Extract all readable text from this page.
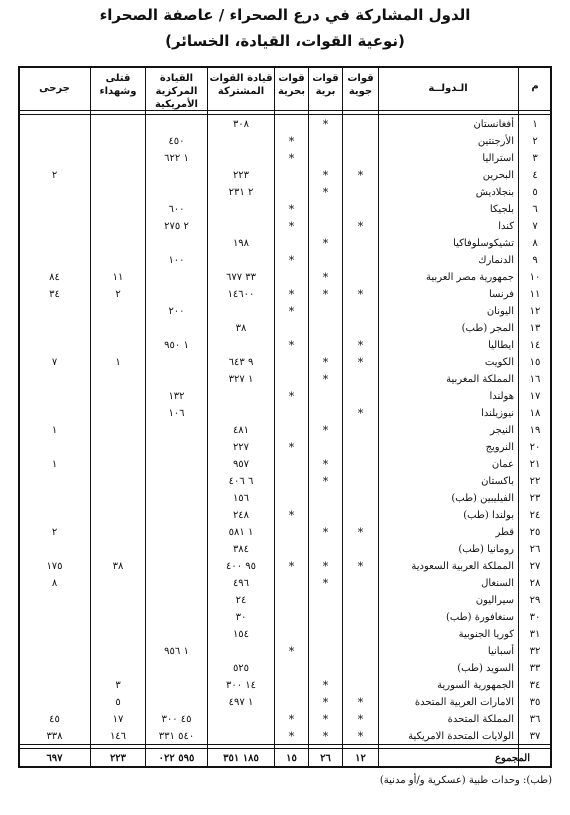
الدول المشاركة في درع الصحراء / عاصفة الصحراء
(نوعية القوات، القيادة، الخسائر)
م
الـدولــة
قوات جوية
قوات برية
قوات بحرية
قيادة القوات المشتركة
القيادة المركزية الأمريكية
قتلى وشهداء
جرحى
١
أفغانستان
*
٣٠٨
٢
الأرجنتين
*
٤٥٠
٣
استراليا
*
١ ٦٢٢
٤
البحرين
*
*
٢٢٣
٢
٥
بنجلاديش
*
٢ ٢٣١
٦
بلجيكا
*
٦٠٠
٧
كندا
*
*
٢ ٢٧٥
٨
تشيكوسلوفاكيا
*
١٩٨
٩
الدنمارك
*
١٠٠
١٠
جمهورية مصر العربية
*
٣٣ ٦٧٧
١١
٨٤
١١
فرنسا
*
*
*
١٤٦٠٠
٢
٣٤
١٢
اليونان
*
٢٠٠
١٣
المجر (طب)
٣٨
١٤
ايطاليا
*
*
١ ٩٥٠
١٥
الكويت
*
*
٩ ٦٤٣
١
٧
١٦
المملكة المغربية
*
١ ٣٢٧
١٧
هولندا
*
١٣٢
١٨
نيوزيلندا
*
١٠٦
١٩
النيجر
*
٤٨١
١
٢٠
النرويج
*
٢٢٧
٢١
عمان
*
٩٥٧
١
٢٢
باكستان
*
٦ ٤٠٦
٢٣
الفيليبين (طب)
١٥٦
٢٤
بولندا (طب)
*
٢٤٨
٢٥
قطر
*
*
١ ٥٨١
٢
٢٦
رومانيا (طب)
٣٨٤
٢٧
المملكة العربية السعودية
*
*
*
٩٥ ٤٠٠
٣٨
١٧٥
٢٨
السنغال
*
٤٩٦
٨
٢٩
سيراليون
٢٤
٣٠
سنغافورة (طب)
٣٠
٣١
كوريا الجنوبية
١٥٤
٣٢
أسبانيا
*
١ ٩٥٦
٣٣
السويد (طب)
٥٢٥
٣٤
الجمهورية السورية
*
١٤ ٣٠٠
٣
٣٥
الامارات العربية المتحدة
*
*
١ ٤٩٧
٥
٣٦
المملكة المتحدة
*
*
*
٤٥ ٣٠٠
١٧
٤٥
٣٧
الولايات المتحدة الامريكية
*
*
*
٥٤٠ ٣٣١
١٤٦
٣٣٨
المجموع
١٢
٢٦
١٥
١٨٥ ٣٥١
٥٩٥ ٠٢٢
٢٢٣
٦٩٧
(طب): وحدات طبية (عسكرية و/أو مدنية)
